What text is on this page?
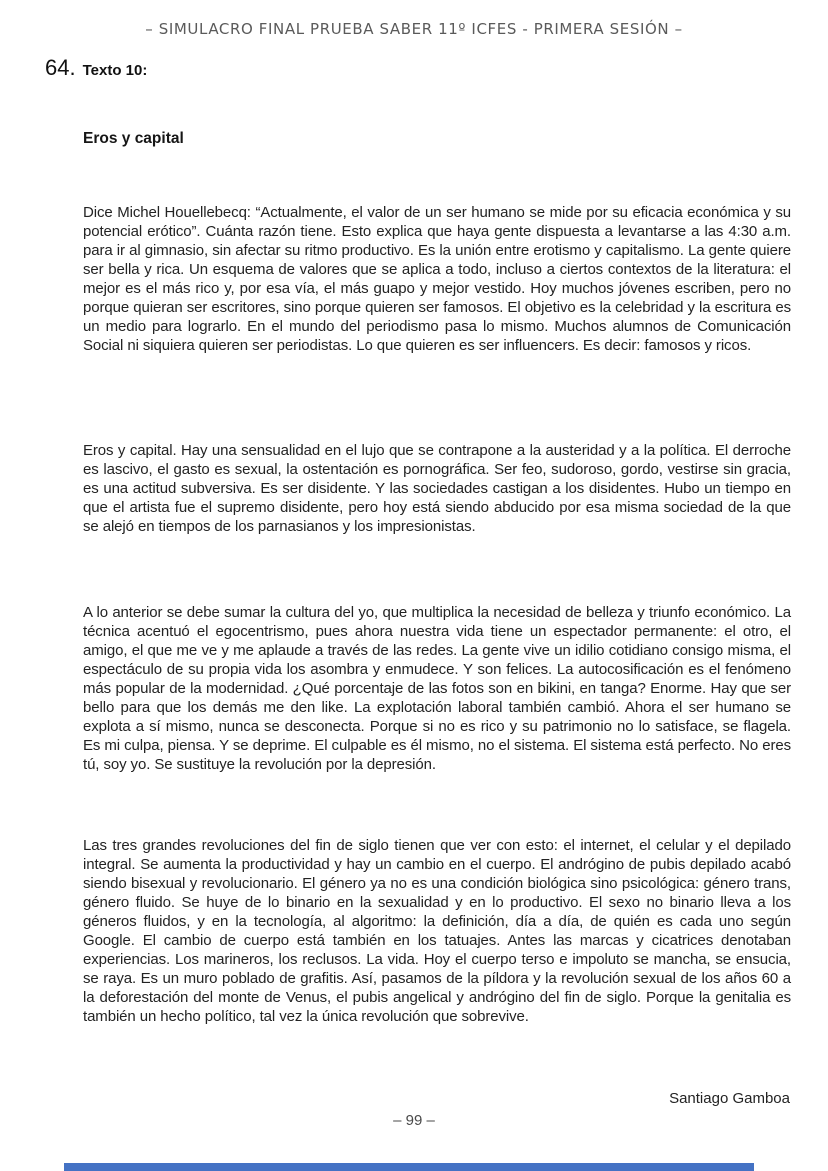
– SIMULACRO FINAL PRUEBA SABER 11º ICFES - PRIMERA SESIÓN –
64. Texto 10:
Eros y capital

Dice Michel Houellebecq: “Actualmente, el valor de un ser humano se mide por su eficacia económica y su potencial erótico”. Cuánta razón tiene. Esto explica que haya gente dispuesta a levantarse a las 4:30 a.m. para ir al gimnasio, sin afectar su ritmo productivo. Es la unión entre erotismo y capitalismo. La gente quiere ser bella y rica. Un esquema de valores que se aplica a todo, incluso a ciertos contextos de la literatura: el mejor es el más rico y, por esa vía, el más guapo y mejor vestido. Hoy muchos jóvenes escriben, pero no porque quieran ser escritores, sino porque quieren ser famosos. El objetivo es la celebridad y la escritura es un medio para lograrlo. En el mundo del periodismo pasa lo mismo. Muchos alumnos de Comunicación Social ni siquiera quieren ser periodistas. Lo que quieren es ser influencers. Es decir: famosos y ricos.

Eros y capital. Hay una sensualidad en el lujo que se contrapone a la austeridad y a la política. El derroche es lascivo, el gasto es sexual, la ostentación es pornográfica. Ser feo, sudoroso, gordo, vestirse sin gracia, es una actitud subversiva. Es ser disidente. Y las sociedades castigan a los disidentes. Hubo un tiempo en que el artista fue el supremo disidente, pero hoy está siendo abducido por esa misma sociedad de la que se alejó en tiempos de los parnasianos y los impresionistas.

A lo anterior se debe sumar la cultura del yo, que multiplica la necesidad de belleza y triunfo económico. La técnica acentuó el egocentrismo, pues ahora nuestra vida tiene un espectador permanente: el otro, el amigo, el que me ve y me aplaude a través de las redes. La gente vive un idilio cotidiano consigo misma, el espectáculo de su propia vida los asombra y enmudece. Y son felices. La autocosificación es el fenómeno más popular de la modernidad. ¿Qué porcentaje de las fotos son en bikini, en tanga? Enorme. Hay que ser bello para que los demás me den like. La explotación laboral también cambió. Ahora el ser humano se explota a sí mismo, nunca se desconecta. Porque si no es rico y su patrimonio no lo satisface, se flagela. Es mi culpa, piensa. Y se deprime. El culpable es él mismo, no el sistema. El sistema está perfecto. No eres tú, soy yo. Se sustituye la revolución por la depresión.

Las tres grandes revoluciones del fin de siglo tienen que ver con esto: el internet, el celular y el depilado integral. Se aumenta la productividad y hay un cambio en el cuerpo. El andrógino de pubis depilado acabó siendo bisexual y revolucionario. El género ya no es una condición biológica sino psicológica: género trans, género fluido. Se huye de lo binario en la sexualidad y en lo productivo. El sexo no binario lleva a los géneros fluidos, y en la tecnología, al algoritmo: la definición, día a día, de quién es cada uno según Google. El cambio de cuerpo está también en los tatuajes. Antes las marcas y cicatrices denotaban experiencias. Los marineros, los reclusos. La vida. Hoy el cuerpo terso e impoluto se mancha, se ensucia, se raya. Es un muro poblado de grafitis. Así, pasamos de la píldora y la revolución sexual de los años 60 a la deforestación del monte de Venus, el pubis angelical y andrógino del fin de siglo. Porque la genitalia es también un hecho político, tal vez la única revolución que sobrevive.

Santiago Gamboa
– 99 –
